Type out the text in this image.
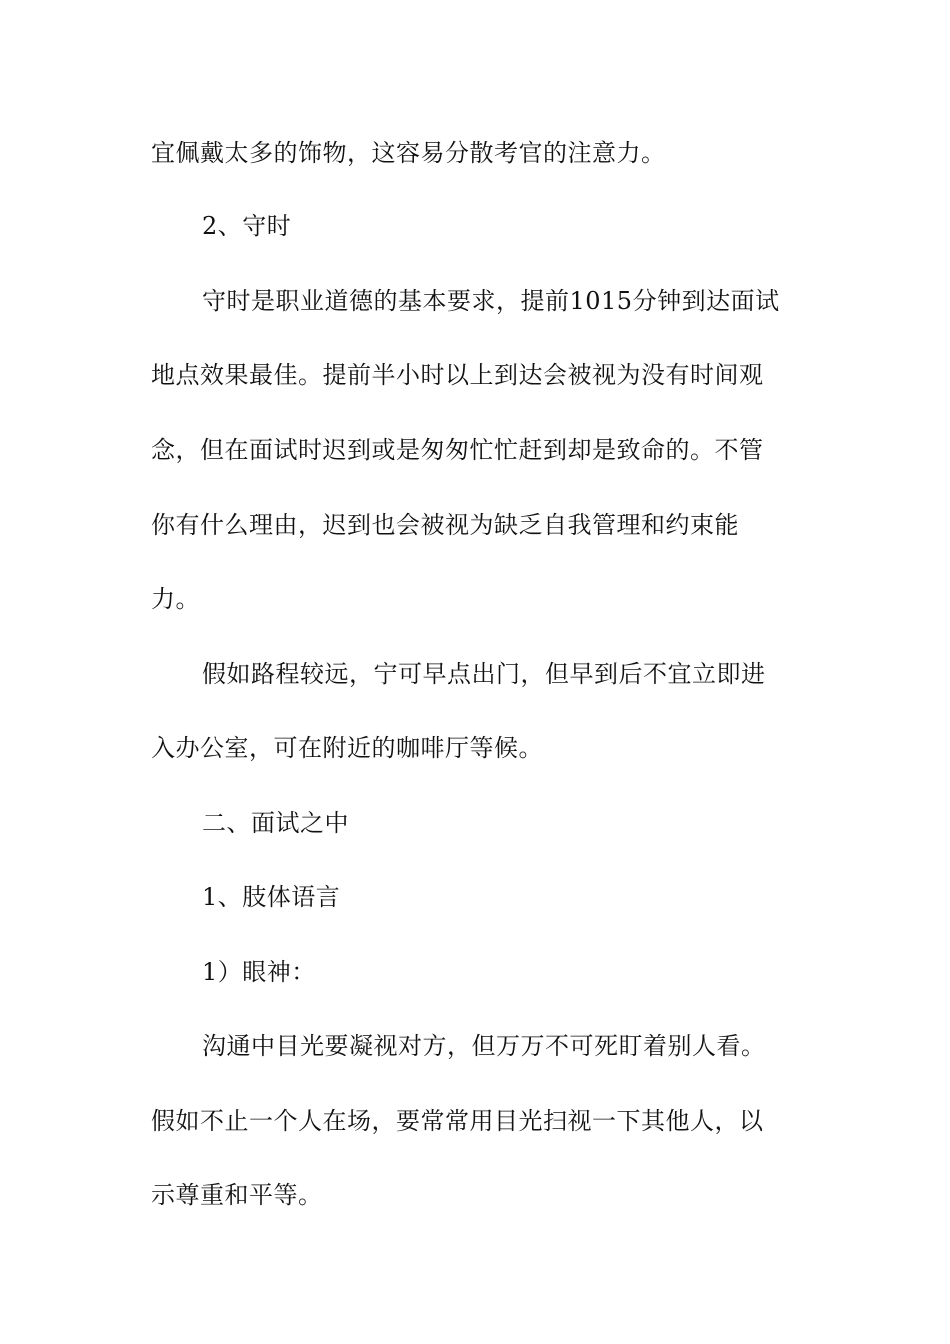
宜佩戴太多的饰物，这容易分散考官的注意力。
2、守时
守时是职业道德的基本要求，提前1015分钟到达面试
地点效果最佳。提前半小时以上到达会被视为没有时间观
念，但在面试时迟到或是匆匆忙忙赶到却是致命的。不管
你有什么理由，迟到也会被视为缺乏自我管理和约束能
力。
假如路程较远，宁可早点出门，但早到后不宜立即进
入办公室，可在附近的咖啡厅等候。
二、面试之中
1、肢体语言
1）眼神：
沟通中目光要凝视对方，但万万不可死盯着别人看。
假如不止一个人在场，要常常用目光扫视一下其他人，以
示尊重和平等。
